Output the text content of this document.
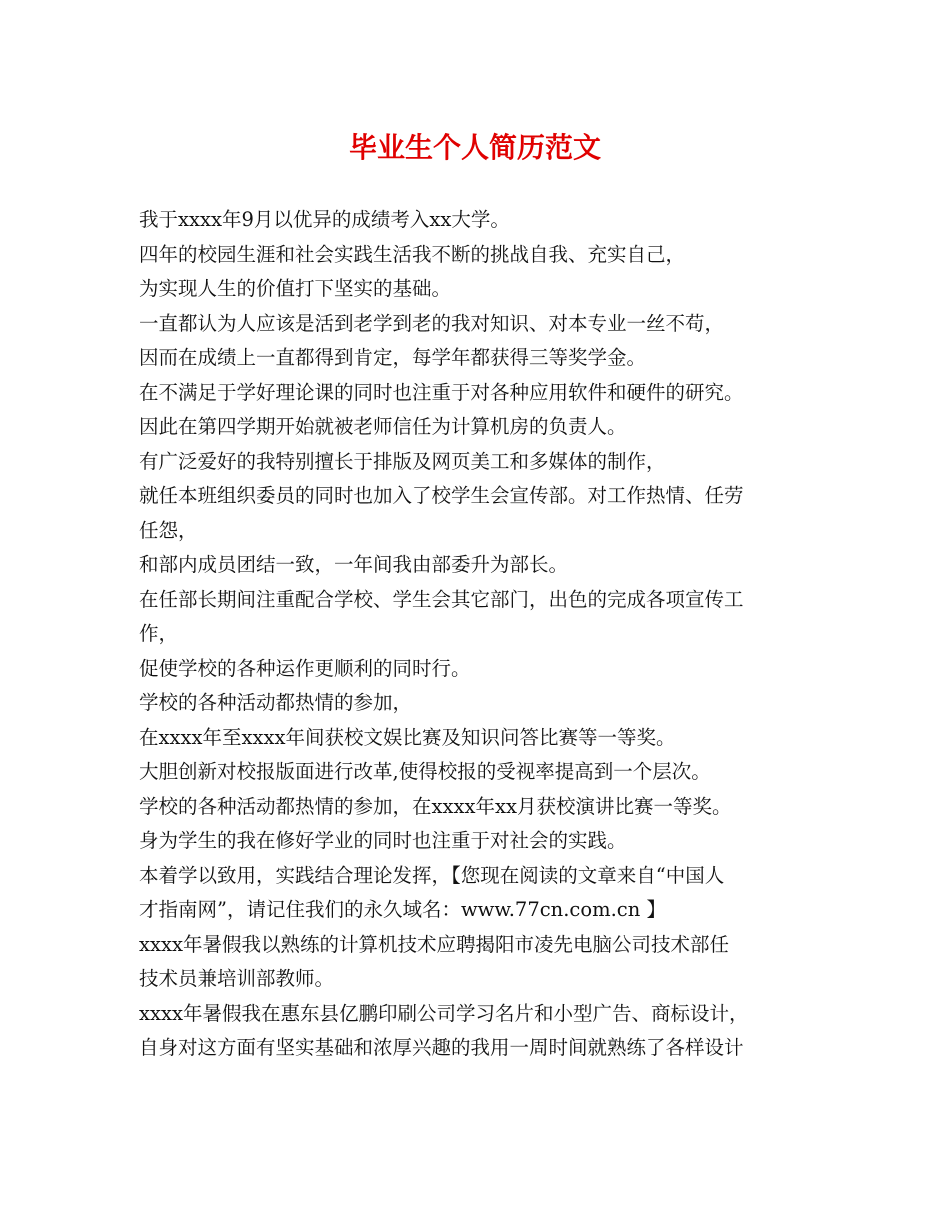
毕业生个人简历范文

我于xxxx年9月以优异的成绩考入xx大学。

四年的校园生涯和社会实践生活我不断的挑战自我、充实自己，

为实现人生的价值打下坚实的基础。

一直都认为人应该是活到老学到老的我对知识、对本专业一丝不苟，

因而在成绩上一直都得到肯定，每学年都获得三等奖学金。

在不满足于学好理论课的同时也注重于对各种应用软件和硬件的研究。

因此在第四学期开始就被老师信任为计算机房的负责人。

有广泛爱好的我特别擅长于排版及网页美工和多媒体的制作，

就任本班组织委员的同时也加入了校学生会宣传部。对工作热情、任劳

任怨，

和部内成员团结一致，一年间我由部委升为部长。

在任部长期间注重配合学校、学生会其它部门，出色的完成各项宣传工

作，

促使学校的各种运作更顺利的同时行。

学校的各种活动都热情的参加，

在xxxx年至xxxx年间获校文娱比赛及知识问答比赛等一等奖。

大胆创新对校报版面进行改革,使得校报的受视率提高到一个层次。

学校的各种活动都热情的参加，在xxxx年xx月获校演讲比赛一等奖。

身为学生的我在修好学业的同时也注重于对社会的实践。

本着学以致用，实践结合理论发挥，【您现在阅读的文章来自“中国人

才指南网”，请记住我们的永久域名：www.77cn.com.cn 】

xxxx年暑假我以熟练的计算机技术应聘揭阳市凌先电脑公司技术部任

技术员兼培训部教师。

xxxx年暑假我在惠东县亿鹏印刷公司学习名片和小型广告、商标设计，

自身对这方面有坚实基础和浓厚兴趣的我用一周时间就熟练了各样设计
